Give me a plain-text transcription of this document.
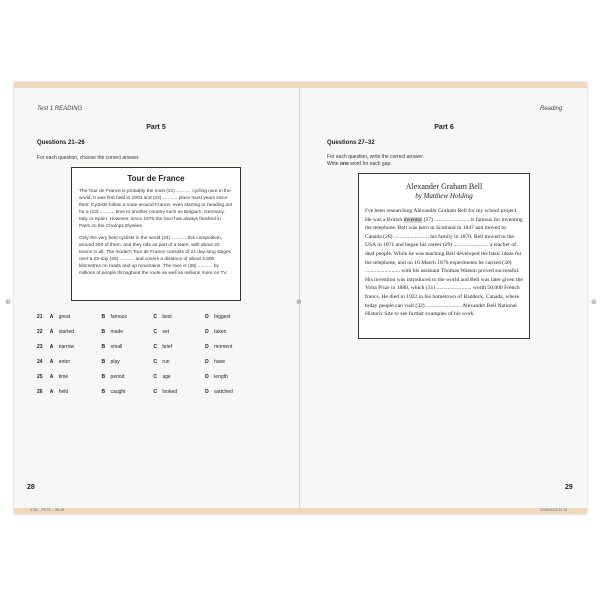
⊕	⊕	⊕
Test 1 READING
Part 5
Questions 21–26
For each question, choose the correct answer.
Tour de France

The Tour de France is probably the most (21) ........... cycling race in the world. It was first held in 1903 and (22) ........... place most years since then. Cyclists follow a route around France, even starting or heading out for a (23) ........... time to another country such as Belgium, Germany, Italy or Spain. However, since 1975 the race has always finished in Paris on the Champs Elysées.

Only the very best cyclists in the world (24) ........... this competition, around 200 of them, and they ride as part of a team, with about 20 teams in all. The modern Tour de France consists of 21 day-long stages over a 23-day (25) ........... and covers a distance of about 3,500 kilometres on roads and up mountains. The race is (26) ........... by millions of people throughout the route as well as millions more on TV.

21	A	great	B	famous	C	best	D	biggest
22	A	started	B	made	C	set	D	taken
23	A	narrow	B	small	C	brief	D	moment
24	A	enter	B	play	C	run	D	have
25	A	time	B	period	C	age	D	length
26	A	held	B	caught	C	looked	D	watched
28
9781... PET4 ... 28-29
Reading
Part 6
Questions 27–32
For each question, write the correct answer.
Write one word for each gap.
Alexander Graham Bell
by Matthew Holding
I've been researching Alexander Graham Bell for my school project. He was a British inventor (27) ......................... is famous for inventing the telephone. Bell was born in Scotland in 1847 and moved to Canada (28) ......................... his family in 1870. Bell moved to the USA in 1871 and began his career (29) ......................... a teacher of deaf people. While he was teaching Bell developed the basic ideas for the telephone, and on 10 March 1876 experiments he carried (30) ......................... with his assistant Thomas Watson proved successful. His invention was introduced to the world and Bell was later given the Volta Prize in 1880, which (31) ......................... worth 50,000 French francs. He died in 1922 in his hometown of Baddeck, Canada, where today people can visit (32) ......................... Alexander Bell National Historic Site to see further examples of his work.
29
12/09/2018 12:15
